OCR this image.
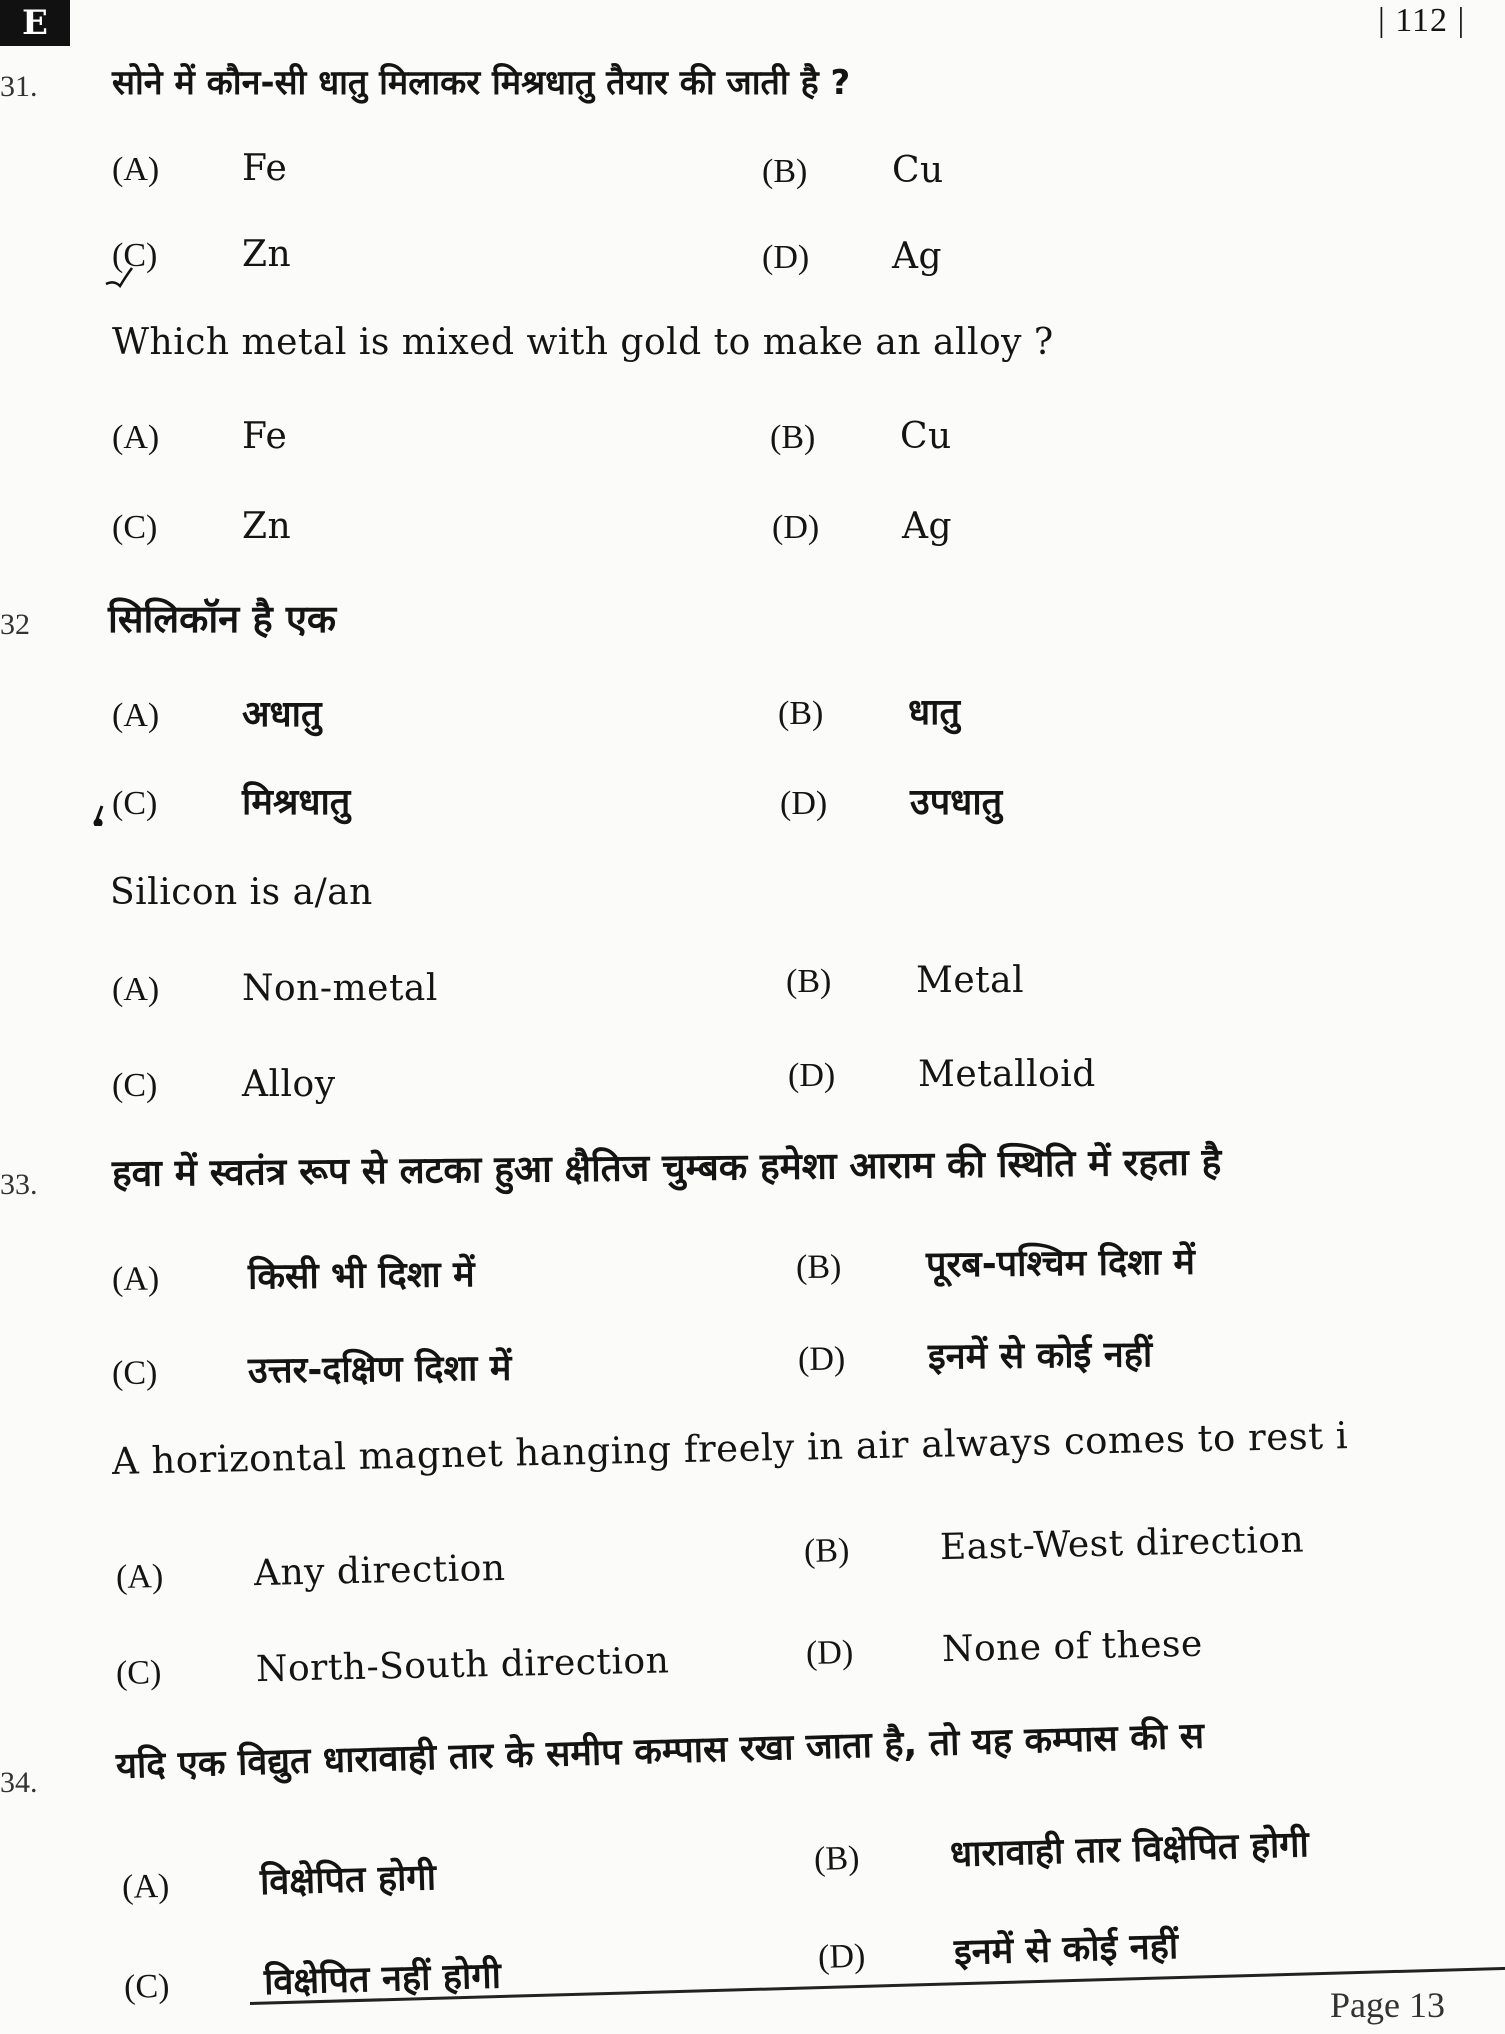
E	| 112 |
31. सोने में कौन-सी धातु मिलाकर मिश्रधातु तैयार की जाती है ?
(A)	Fe	(B)	Cu
(C)	Zn	(D)	Ag
Which metal is mixed with gold to make an alloy ?
(A)	Fe	(B)	Cu
(C)	Zn	(D)	Ag
32 सिलिकॉन है एक
(A)	अधातु	(B)	धातु
(C)	मिश्रधातु	(D)	उपधातु
Silicon is a/an
(A)	Non-metal	(B)	Metal
(C)	Alloy	(D)	Metalloid
33. हवा में स्वतंत्र रूप से लटका हुआ क्षैतिज चुम्बक हमेशा आराम की स्थिति में रहता है
(A)	किसी भी दिशा में	(B)	पूरब-पश्चिम दिशा में
(C)	उत्तर-दक्षिण दिशा में	(D)	इनमें से कोई नहीं
A horizontal magnet hanging freely in air always comes to rest i
(A)	Any direction	(B)	East-West direction
(C)	North-South direction	(D)	None of these
34. यदि एक विद्युत धारावाही तार के समीप कम्पास रखा जाता है, तो यह कम्पास की स
(A)	विक्षेपित होगी	(B)	धारावाही तार विक्षेपित होगी
(C)	विक्षेपित नहीं होगी	(D)	इनमें से कोई नहीं
Page 13
